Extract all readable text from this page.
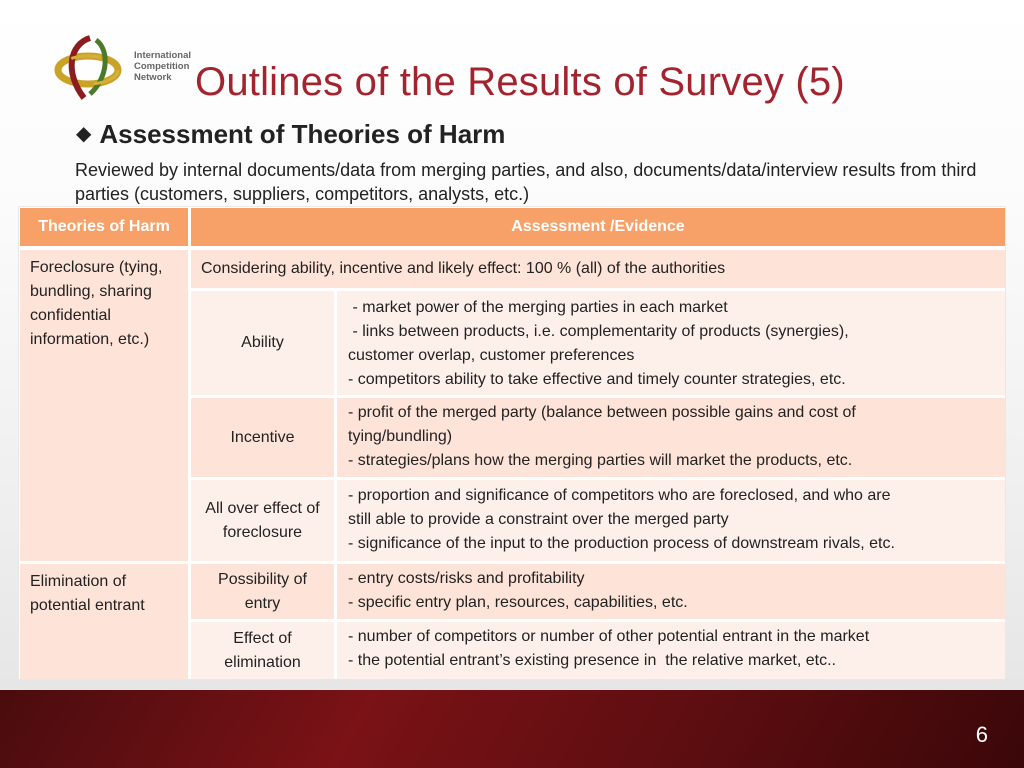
International
Competition
Network Outlines of the Results of Survey (5)
◆ Assessment of Theories of Harm
Reviewed by internal documents/data from merging parties, and also, documents/data/interview results from third parties (customers, suppliers, competitors, analysts, etc.)
Theories of Harm	Assessment /Evidence
Foreclosure (tying, bundling, sharing confidential information, etc.)
Considering ability, incentive and likely effect: 100 % (all) of the authorities
Ability
- market power of the merging parties in each market
- links between products, i.e. complementarity of products (synergies),
customer overlap, customer preferences
- competitors ability to take effective and timely counter strategies, etc.
Incentive
- profit of the merged party (balance between possible gains and cost of
tying/bundling)
- strategies/plans how the merging parties will market the products, etc.
All over effect of foreclosure
- proportion and significance of competitors who are foreclosed, and who are
still able to provide a constraint over the merged party
- significance of the input to the production process of downstream rivals, etc.
Elimination of potential entrant
Possibility of entry
- entry costs/risks and profitability
- specific entry plan, resources, capabilities, etc.
Effect of elimination
- number of competitors or number of other potential entrant in the market
- the potential entrant’s existing presence in  the relative market, etc..
6
